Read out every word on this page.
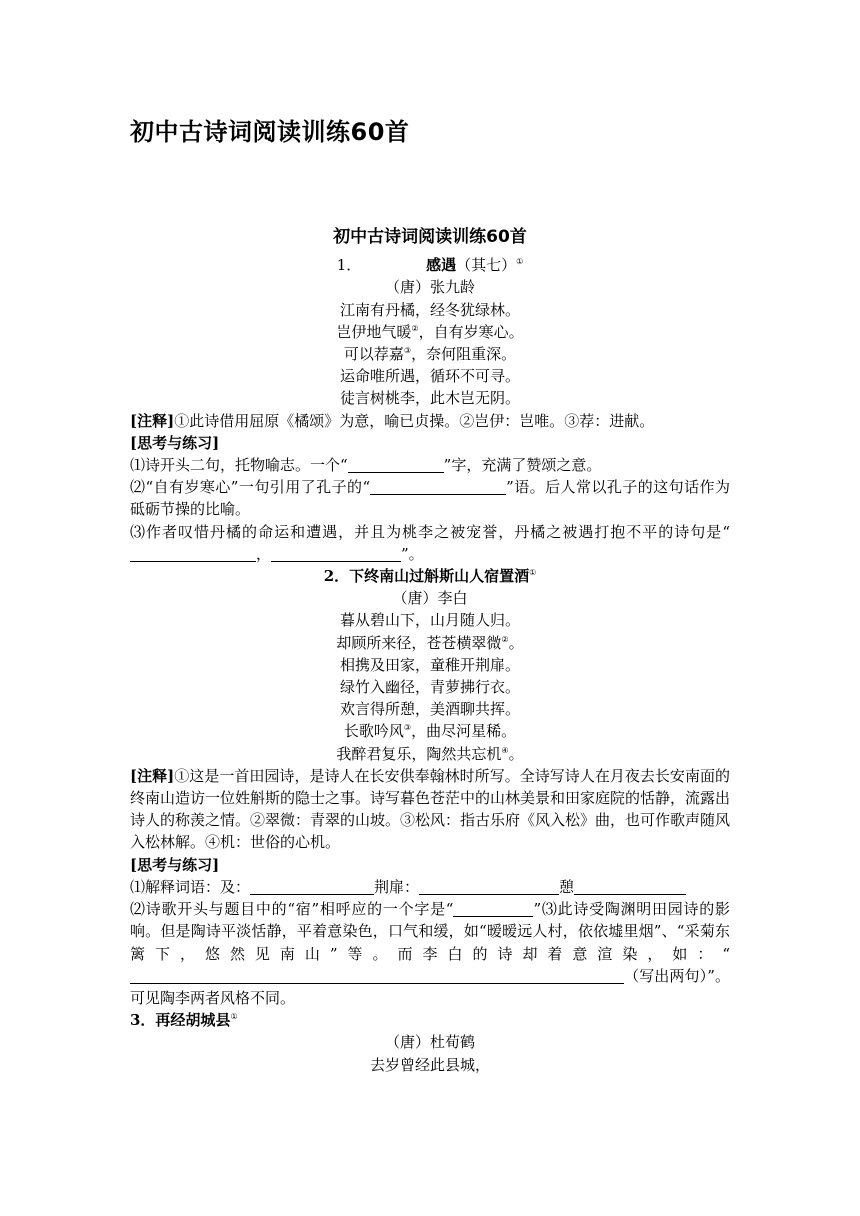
初中古诗词阅读训练60首
初中古诗词阅读训练60首
1．	感遇（其七）①
（唐）张九龄
江南有丹橘，经冬犹绿林。
岂伊地气暖②，自有岁寒心。
可以荐嘉③，奈何阻重深。
运命唯所遇，循环不可寻。
徒言树桃李，此木岂无阴。

[注释]①此诗借用屈原《橘颂》为意，喻已贞操。②岂伊：岂唯。③荐：进献。

[思考与练习]

⑴诗开头二句，托物喻志。一个“	”字，充满了赞颂之意。

⑵“自有岁寒心”一句引用了孔子的“	”语。后人常以孔子的这句话作为砥砺节操的比喻。

⑶作者叹惜丹橘的命运和遭遇，并且为桃李之被宠誉，丹橘之被遇打抱不平的诗句是“，	”。

2．下终南山过斛斯山人宿置酒①
（唐）李白
暮从碧山下，山月随人归。
却顾所来径，苍苍横翠微②。
相携及田家，童稚开荆扉。
绿竹入幽径，青萝拂行衣。
欢言得所憩，美酒聊共挥。
长歌吟风③，曲尽河星稀。
我醉君复乐，陶然共忘机④。

[注释]①这是一首田园诗，是诗人在长安供奉翰林时所写。全诗写诗人在月夜去长安南面的终南山造访一位姓斛斯的隐士之事。诗写暮色苍茫中的山林美景和田家庭院的恬静，流露出诗人的称羡之情。②翠微：青翠的山坡。③松风：指古乐府《风入松》曲，也可作歌声随风入松林解。④机：世俗的心机。

[思考与练习]

⑴解释词语：及：	荆扉：	憩

⑵诗歌开头与题目中的“宿”相呼应的一个字是“	”⑶此诗受陶渊明田园诗的影响。但是陶诗平淡恬静，平着意染色，口气和缓，如“暧暧远人村，依依墟里烟”、“采菊东篱下，悠然见南山”等。而李白的诗却着意渲染，如：“（写出两句）”。可见陶李两者风格不同。

3．再经胡城县①

（唐）杜荀鹤
去岁曾经此县城，
